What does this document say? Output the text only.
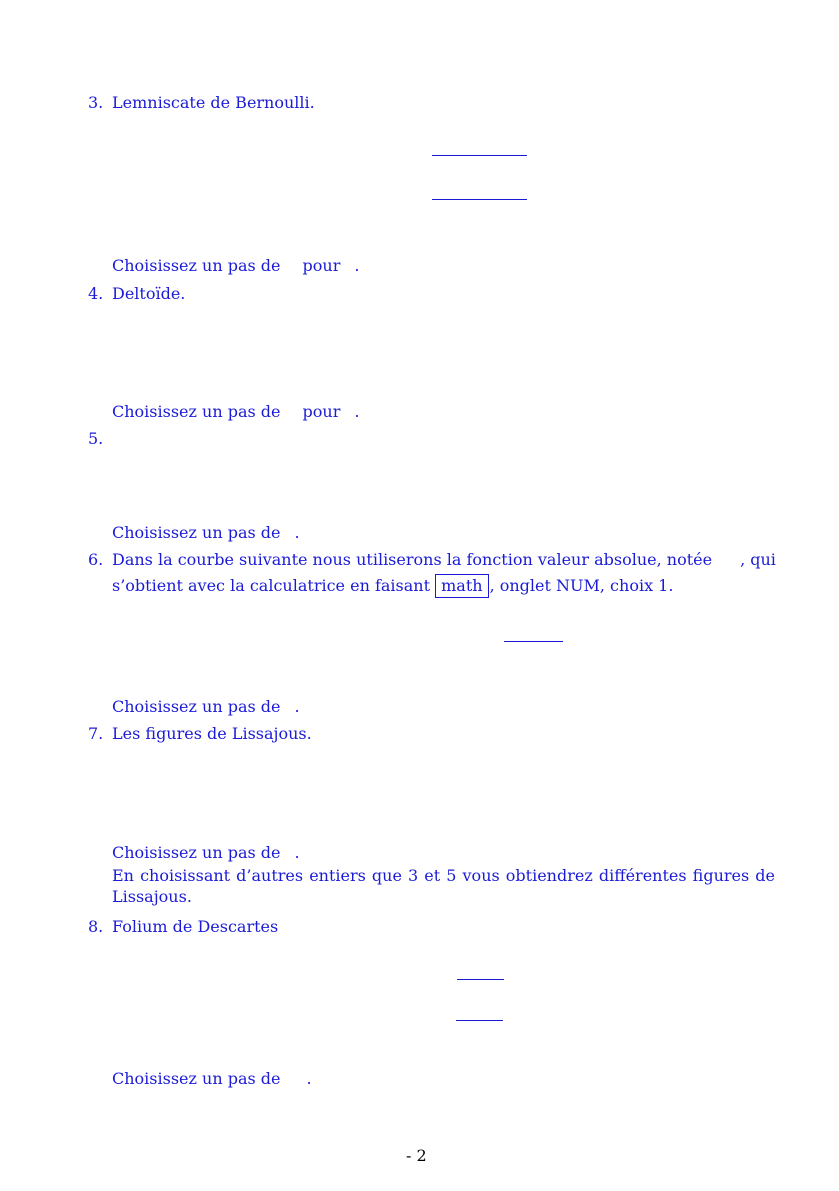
3. Lemniscate de Bernoulli.
Choisissez un pas de pour .
4. Deltoïde.
Choisissez un pas de pour .
5.
Choisissez un pas de .
6. Dans la courbe suivante nous utiliserons la fonction valeur absolue, notée , qui
s’obtient avec la calculatrice en faisant math , onglet NUM, choix 1.
Choisissez un pas de .
7. Les figures de Lissajous.
Choisissez un pas de .
En choisissant d’autres entiers que 3 et 5 vous obtiendrez différentes figures de Lissajous.
8. Folium de Descartes
Choisissez un pas de .
- 2
